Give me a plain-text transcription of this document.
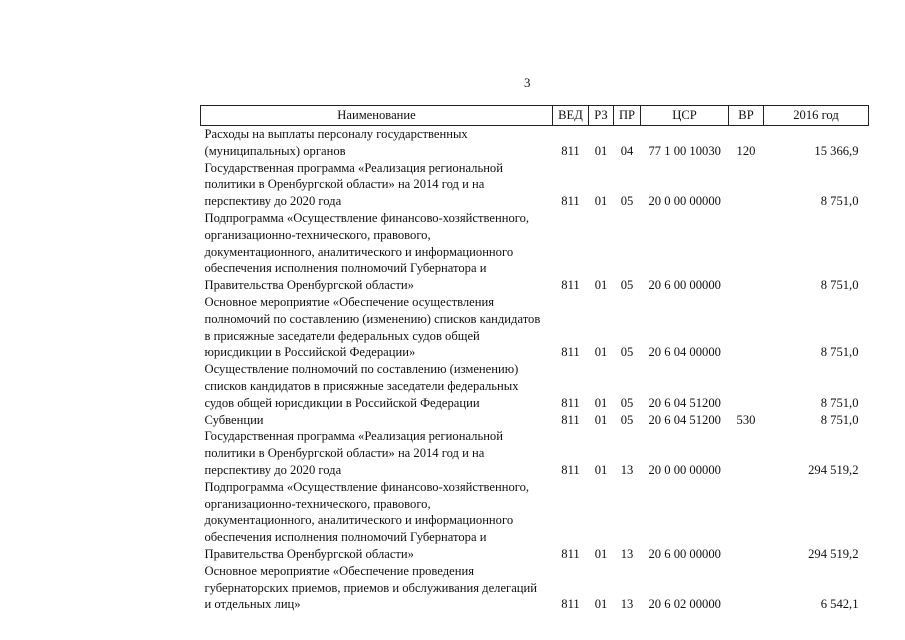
3
Наименование	ВЕД	РЗ	ПР	ЦСР	ВР	2016 год

Расходы на выплаты персоналу государственных
(муниципальных) органов	811	01	04	77 1 00 10030	120	15 366,9

Государственная программа «Реализация региональной
политики в Оренбургской области» на 2014 год и на
перспективу до 2020 года	811	01	05	20 0 00 00000		8 751,0

Подпрограмма «Осуществление финансово-хозяйственного,
организационно-технического, правового,
документационного, аналитического и информационного
обеспечения исполнения полномочий Губернатора и
Правительства Оренбургской области»	811	01	05	20 6 00 00000		8 751,0

Основное мероприятие «Обеспечение осуществления
полномочий по составлению (изменению) списков кандидатов
в присяжные заседатели федеральных судов общей
юрисдикции в Российской Федерации»	811	01	05	20 6 04 00000		8 751,0

Осуществление полномочий по составлению (изменению)
списков кандидатов в присяжные заседатели федеральных
судов общей юрисдикции в Российской Федерации	811	01	05	20 6 04 51200		8 751,0

Субвенции	811	01	05	20 6 04 51200	530	8 751,0

Государственная программа «Реализация региональной
политики в Оренбургской области» на 2014 год и на
перспективу до 2020 года	811	01	13	20 0 00 00000		294 519,2

Подпрограмма «Осуществление финансово-хозяйственного,
организационно-технического, правового,
документационного, аналитического и информационного
обеспечения исполнения полномочий Губернатора и
Правительства Оренбургской области»	811	01	13	20 6 00 00000		294 519,2

Основное мероприятие «Обеспечение проведения
губернаторских приемов, приемов и обслуживания делегаций
и отдельных лиц»	811	01	13	20 6 02 00000		6 542,1
